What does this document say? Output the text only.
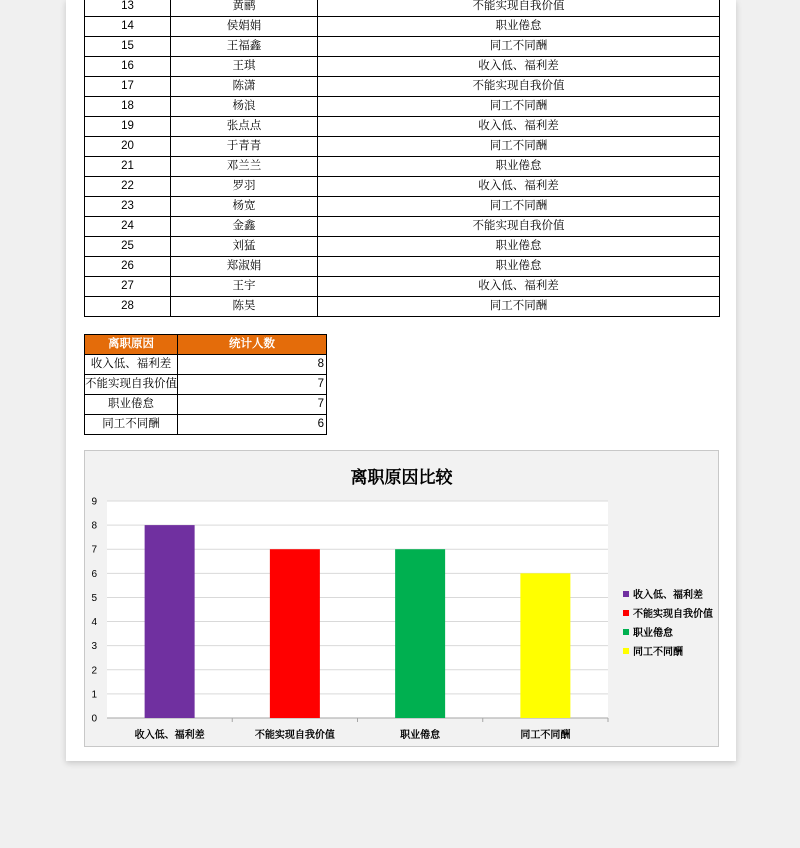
13	黄鹂	不能实现自我价值
14	侯娟娟	职业倦怠
15	王福鑫	同工不同酬
16	王琪	收入低、福利差
17	陈潇	不能实现自我价值
18	杨浪	同工不同酬
19	张点点	收入低、福利差
20	于青青	同工不同酬
21	邓兰兰	职业倦怠
22	罗羽	收入低、福利差
23	杨宽	同工不同酬
24	金鑫	不能实现自我价值
25	刘猛	职业倦怠
26	郑淑娟	职业倦怠
27	王宇	收入低、福利差
28	陈昊	同工不同酬
离职原因	统计人数
收入低、福利差	8
不能实现自我价值	7
职业倦怠	7
同工不同酬	6
离职原因比较
0
1
2
3
4
5
6
7
8
9
收入低、福利差	不能实现自我价值	职业倦怠	同工不同酬
收入低、福利差
不能实现自我价值
职业倦怠
同工不同酬
